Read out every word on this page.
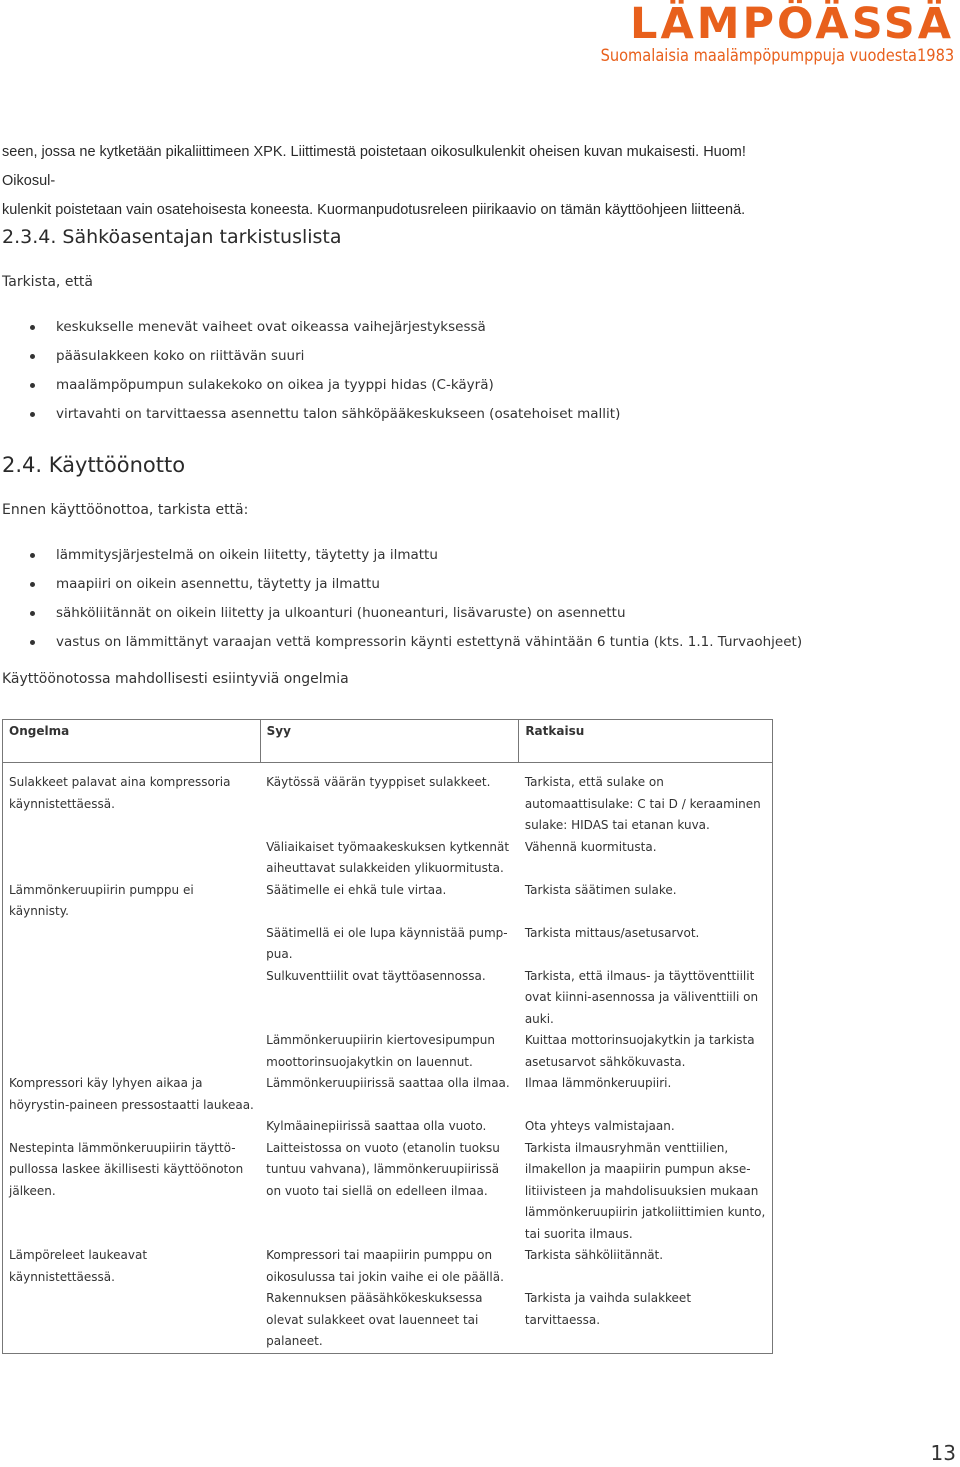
LÄMPÖÄSSÄ
Suomalaisia maalämpöpumppuja vuodesta1983

seen, jossa ne kytketään pikaliittimeen XPK. Liittimestä poistetaan oikosulkulenkit oheisen kuvan mukaisesti. Huom! Oikosul-

kulenkit poistetaan vain osatehoisesta koneesta. Kuormanpudotusreleen piirikaavio on tämän käyttöohjeen liitteenä.

2.3.4. Sähköasentajan tarkistuslista

Tarkista, että

keskukselle menevät vaiheet ovat oikeassa vaihejärjestyksessä
pääsulakkeen koko on riittävän suuri
maalämpöpumpun sulakekoko on oikea ja tyyppi hidas (C-käyrä)
virtavahti on tarvittaessa asennettu talon sähköpääkeskukseen (osatehoiset mallit)
2.4. Käyttöönotto

Ennen käyttöönottoa, tarkista että:

lämmitysjärjestelmä on oikein liitetty, täytetty ja ilmattu
maapiiri on oikein asennettu, täytetty ja ilmattu
sähköliitännät on oikein liitetty ja ulkoanturi (huoneanturi, lisävaruste) on asennettu
vastus on lämmittänyt varaajan vettä kompressorin käynti estettynä vähintään 6 tuntia (kts. 1.1. Turvaohjeet)

Käyttöönotossa mahdollisesti esiintyviä ongelmia

Ongelma	Syy	Ratkaisu
Sulakkeet palavat aina kompressoria käynnistettäessä.	Käytössä väärän tyyppiset sulakkeet.	Tarkista, että sulake on automaattisulake: C tai D / keraaminen sulake: HIDAS tai etanan kuva.
	Väliaikaiset työmaakeskuksen kytkennät aiheuttavat sulakkeiden ylikuormitusta.	Vähennä kuormitusta.
Lämmönkeruupiirin pumppu ei käynnisty.	Säätimelle ei ehkä tule virtaa.	Tarkista säätimen sulake.
	Säätimellä ei ole lupa käynnistää pump-pua.	Tarkista mittaus/asetusarvot.
	Sulkuventtiilit ovat täyttöasennossa.	Tarkista, että ilmaus- ja täyttöventtiilit ovat kiinni-asennossa ja väliventtiili on auki.
	Lämmönkeruupiirin kiertovesipumpun moottorinsuojakytkin on lauennut.	Kuittaa mottorinsuojakytkin ja tarkista asetusarvot sähkökuvasta.
Kompressori käy lyhyen aikaa ja höyrystin-paineen pressostaatti laukeaa.	Lämmönkeruupiirissä saattaa olla ilmaa.	Ilmaa lämmönkeruupiiri.
	Kylmäainepiirissä saattaa olla vuoto.	Ota yhteys valmistajaan.
Nestepinta lämmönkeruupiirin täyttö-pullossa laskee äkillisesti käyttöönoton jälkeen.	Laitteistossa on vuoto (etanolin tuoksu tuntuu vahvana), lämmönkeruupiirissä on vuoto tai siellä on edelleen ilmaa.	Tarkista ilmausryhmän venttiilien, ilmakellon ja maapiirin pumpun akse-litiivisteen ja mahdolisuuksien mukaan lämmönkeruupiirin jatkoliittimien kunto, tai suorita ilmaus.
Lämpöreleet laukeavat käynnistettäessä.	Kompressori tai maapiirin pumppu on oikosulussa tai jokin vaihe ei ole päällä.	Tarkista sähköliitännät.
	Rakennuksen pääsähkökeskuksessa olevat sulakkeet ovat lauenneet tai palaneet.	Tarkista ja vaihda sulakkeet tarvittaessa.
13
